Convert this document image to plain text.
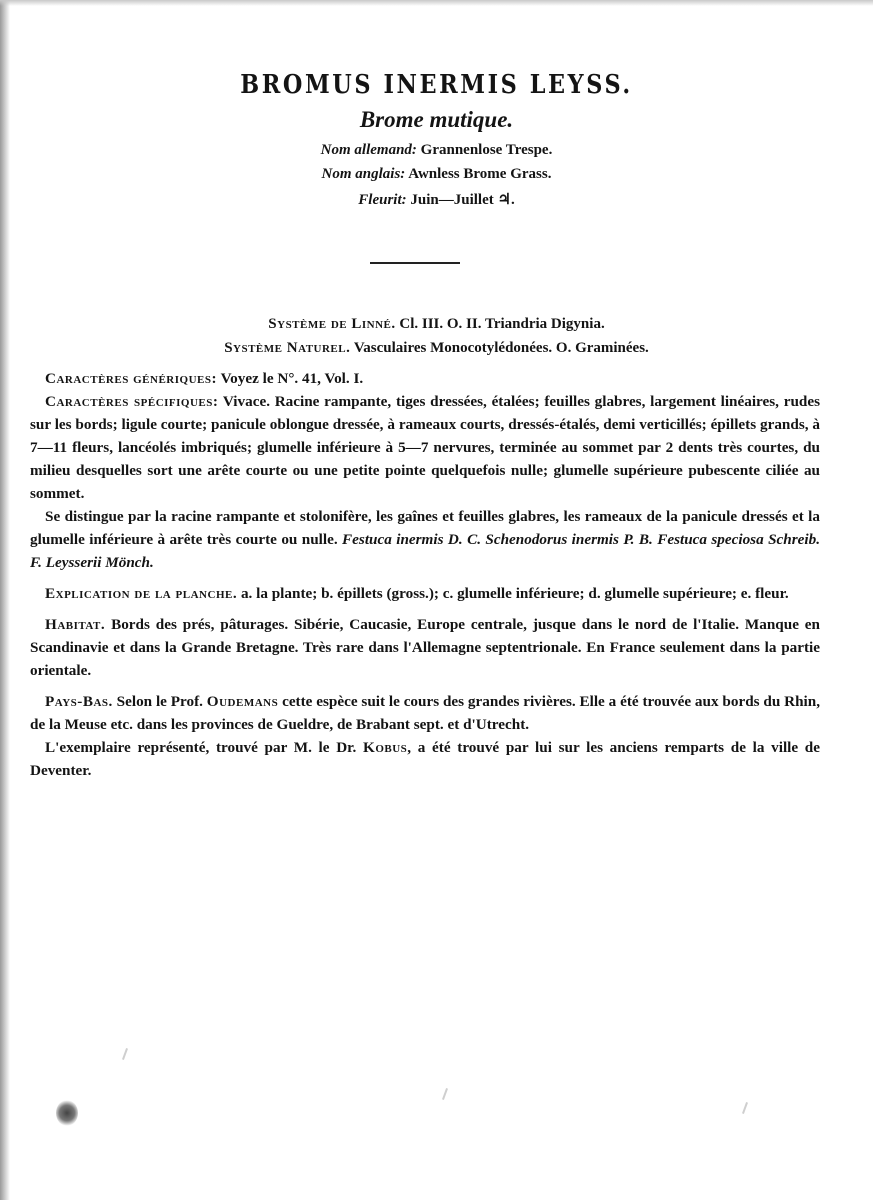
BROMUS INERMIS LEYSS.
Brome mutique.
Nom allemand: Grannenlose Trespe.
Nom anglais: Awnless Brome Grass.
Fleurit: Juin—Juillet ♃.
Système de Linné. Cl. III. O. II. Triandria Digynia.
Système Naturel. Vasculaires Monocotylédonées. O. Graminées.

Caractères génériques: Voyez le N°. 41, Vol. I.

Caractères spécifiques: Vivace. Racine rampante, tiges dressées, étalées; feuilles glabres, largement linéaires, rudes sur les bords; ligule courte; panicule oblongue dressée, à rameaux courts, dressés-étalés, demi verticillés; épillets grands, à 7—11 fleurs, lancéolés imbriqués; glumelle inférieure à 5—7 nervures, terminée au sommet par 2 dents très courtes, du milieu desquelles sort une arête courte ou une petite pointe quelquefois nulle; glumelle supérieure pubescente ciliée au sommet.

Se distingue par la racine rampante et stolonifère, les gaînes et feuilles glabres, les rameaux de la panicule dressés et la glumelle inférieure à arête très courte ou nulle. Festuca inermis D. C. Schenodorus inermis P. B. Festuca speciosa Schreib. F. Leysserii Mönch.

Explication de la planche. a. la plante; b. épillets (gross.); c. glumelle inférieure; d. glumelle supérieure; e. fleur.

Habitat. Bords des prés, pâturages. Sibérie, Caucasie, Europe centrale, jusque dans le nord de l'Italie. Manque en Scandinavie et dans la Grande Bretagne. Très rare dans l'Allemagne septentrionale. En France seulement dans la partie orientale.

Pays-Bas. Selon le Prof. Oudemans cette espèce suit le cours des grandes rivières. Elle a été trouvée aux bords du Rhin, de la Meuse etc. dans les provinces de Gueldre, de Brabant sept. et d'Utrecht.

L'exemplaire représenté, trouvé par M. le Dr. Kobus, a été trouvé par lui sur les anciens remparts de la ville de Deventer.
